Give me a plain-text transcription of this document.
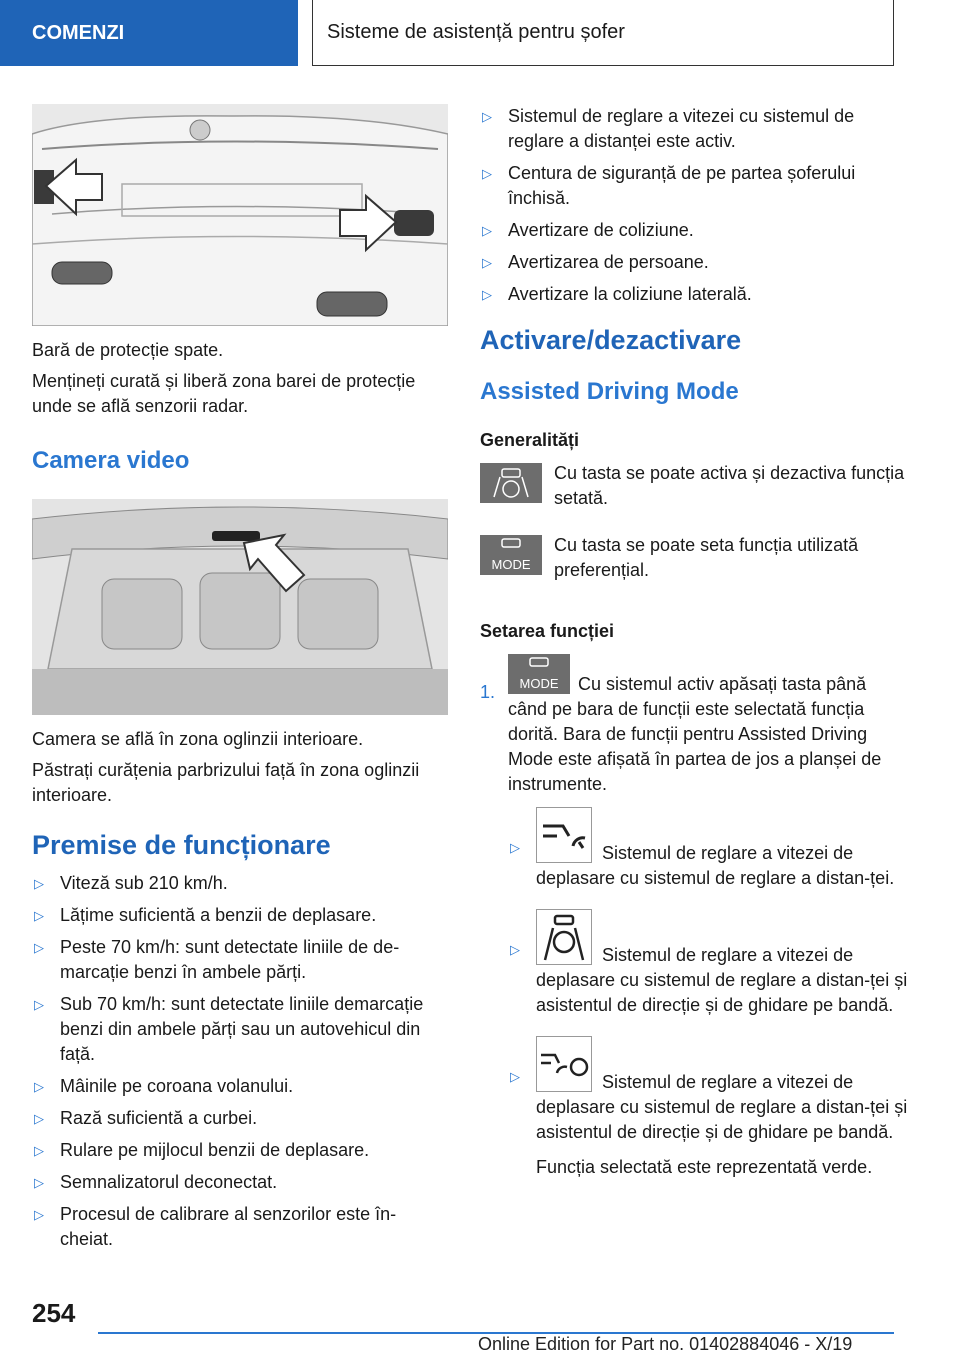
COMENZI	Sisteme de asistență pentru șofer

Bară de protecție spate.

Mențineți curată și liberă zona barei de protecție unde se află senzorii radar.

Camera video

Camera se află în zona oglinzii interioare.

Păstrați curățenia parbrizului față în zona oglinzii interioare.

Premise de funcționare
▷ Viteză sub 210 km/h.
▷ Lățime suficientă a benzii de deplasare.
▷ Peste 70 km/h: sunt detectate liniile de de-marcație benzi în ambele părți.
▷ Sub 70 km/h: sunt detectate liniile demarcație benzi din ambele părți sau un autovehicul din față.
▷ Mâinile pe coroana volanului.
▷ Rază suficientă a curbei.
▷ Rulare pe mijlocul benzii de deplasare.
▷ Semnalizatorul deconectat.
▷ Procesul de calibrare al senzorilor este în-cheiat.
▷ Sistemul de reglare a vitezei cu sistemul de reglare a distanței este activ.
▷ Centura de siguranță de pe partea șoferului închisă.
▷ Avertizare de coliziune.
▷ Avertizarea de persoane.
▷ Avertizare la coliziune laterală.
Activare/dezactivare
Assisted Driving Mode
Generalități
Cu tasta se poate activa și dezactiva funcția setată.
MODE
Cu tasta se poate seta funcția utilizată preferențial.
Setarea funcției
1. MODE Cu sistemul activ apăsați tasta până când pe bara de funcții este selectată funcția dorită. Bara de funcții pentru Assisted Driving Mode este afișată în partea de jos a planșei de instrumente.
▷	Sistemul de reglare a vitezei de deplasare cu sistemul de reglare a distan-ței.
▷	Sistemul de reglare a vitezei de deplasare cu sistemul de reglare a distan-ței și asistentul de direcție și de ghidare pe bandă.
▷	Sistemul de reglare a vitezei de deplasare cu sistemul de reglare a distan-ței și asistentul de direcție și de ghidare pe bandă.

Funcția selectată este reprezentată verde.

254
Online Edition for Part no. 01402884046 - X/19
